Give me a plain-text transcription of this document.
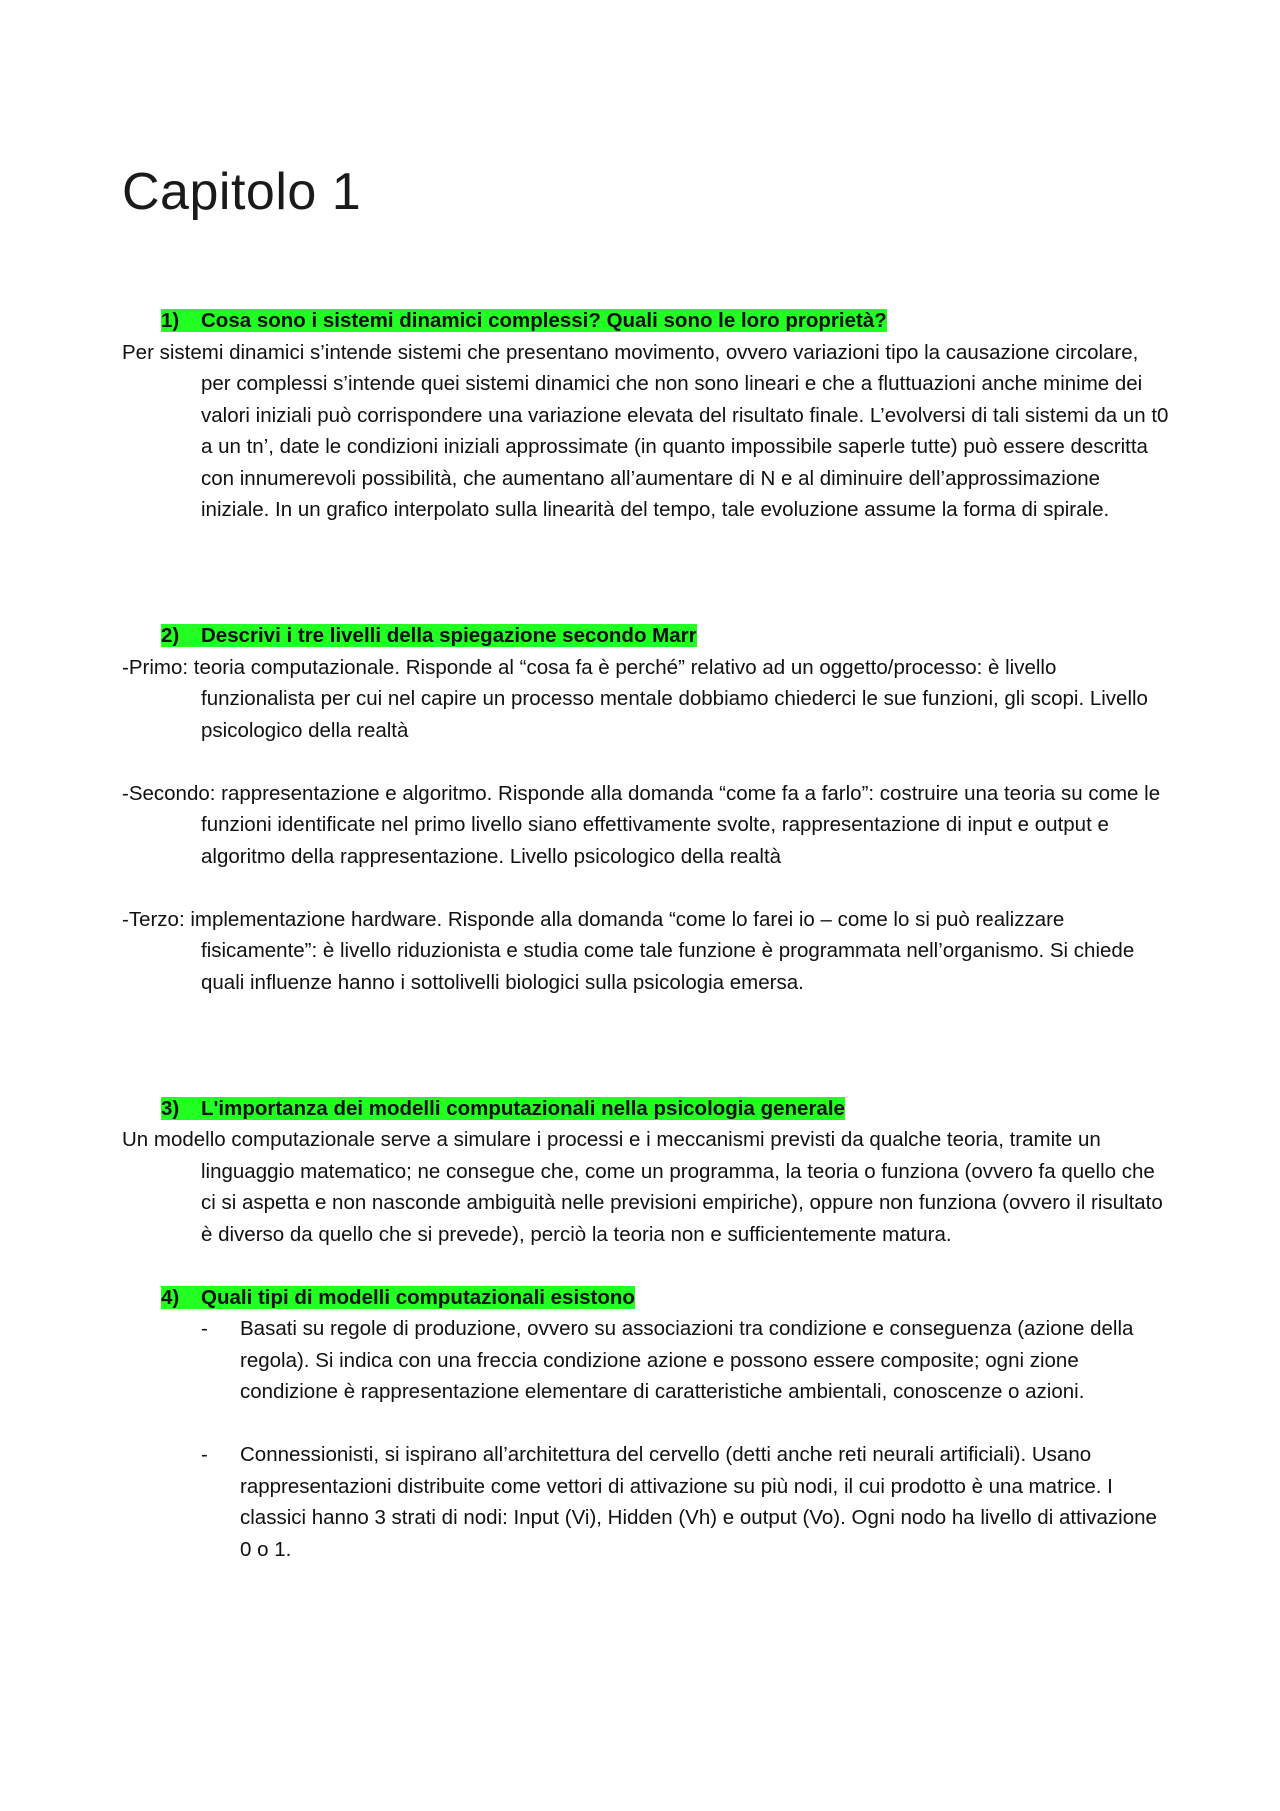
Capitolo 1

1) Cosa sono i sistemi dinamici complessi? Quali sono le loro proprietà?

Per sistemi dinamici s’intende sistemi che presentano movimento, ovvero variazioni tipo la causazione circolare, per complessi s’intende quei sistemi dinamici che non sono lineari e che a fluttuazioni anche minime dei valori iniziali può corrispondere una variazione elevata del risultato finale. L’evolversi di tali sistemi da un t0 a un tn’, date le condizioni iniziali approssimate (in quanto impossibile saperle tutte) può essere descritta con innumerevoli possibilità, che aumentano all’aumentare di N e al diminuire dell’approssimazione iniziale. In un grafico interpolato sulla linearità del tempo, tale evoluzione assume la forma di spirale.

2) Descrivi i tre livelli della spiegazione secondo Marr

-Primo: teoria computazionale. Risponde al “cosa fa è perché” relativo ad un oggetto/processo: è livello funzionalista per cui nel capire un processo mentale dobbiamo chiederci le sue funzioni, gli scopi. Livello psicologico della realtà

-Secondo: rappresentazione e algoritmo. Risponde alla domanda “come fa a farlo”: costruire una teoria su come le funzioni identificate nel primo livello siano effettivamente svolte, rappresentazione di input e output e algoritmo della rappresentazione. Livello psicologico della realtà

-Terzo: implementazione hardware. Risponde alla domanda “come lo farei io – come lo si può realizzare fisicamente”: è livello riduzionista e studia come tale funzione è programmata nell’organismo. Si chiede quali influenze hanno i sottolivelli biologici sulla psicologia emersa.

3) L'importanza dei modelli computazionali nella psicologia generale

Un modello computazionale serve a simulare i processi e i meccanismi previsti da qualche teoria, tramite un linguaggio matematico; ne consegue che, come un programma, la teoria o funziona (ovvero fa quello che ci si aspetta e non nasconde ambiguità nelle previsioni empiriche), oppure non funziona (ovvero il risultato è diverso da quello che si prevede), perciò la teoria non e sufficientemente matura.

4) Quali tipi di modelli computazionali esistono

- Basati su regole di produzione, ovvero su associazioni tra condizione e conseguenza (azione della regola). Si indica con una freccia condizione azione e possono essere composite; ogni zione condizione è rappresentazione elementare di caratteristiche ambientali, conoscenze o azioni.

- Connessionisti, si ispirano all’architettura del cervello (detti anche reti neurali artificiali). Usano rappresentazioni distribuite come vettori di attivazione su più nodi, il cui prodotto è una matrice. I classici hanno 3 strati di nodi: Input (Vi), Hidden (Vh) e output (Vo). Ogni nodo ha livello di attivazione 0 o 1.
